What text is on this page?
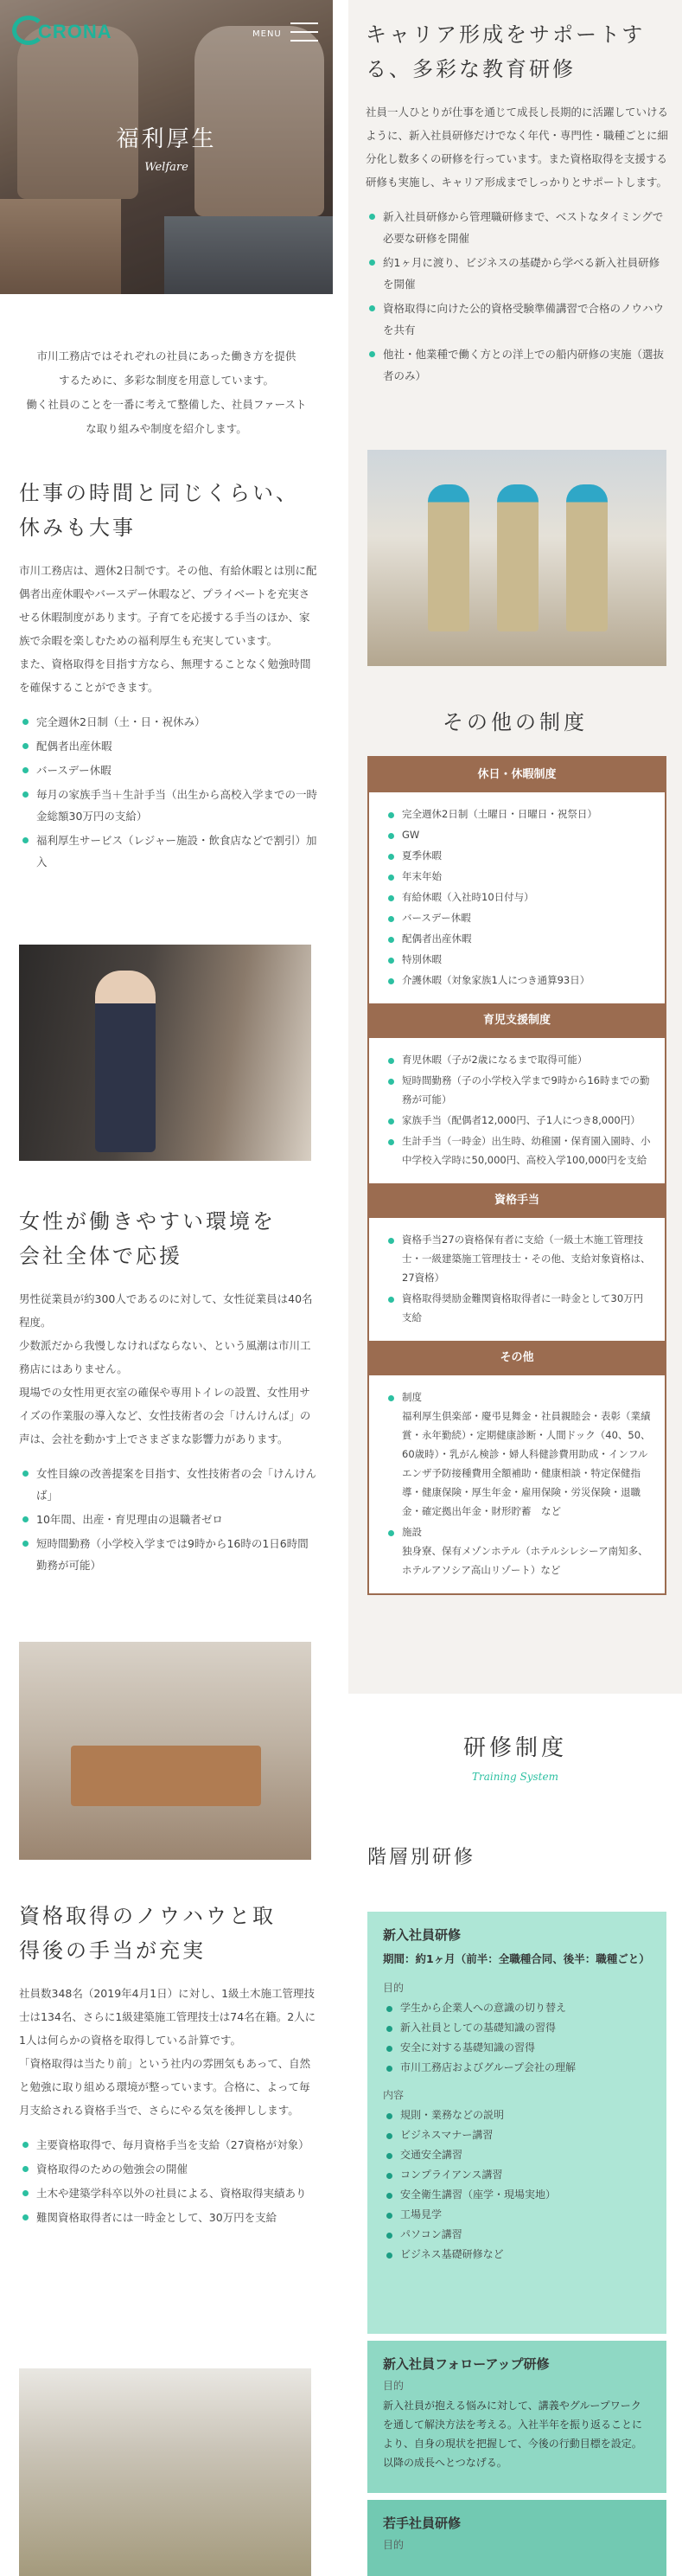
CRONA	MENU
福利厚生
Welfare
市川工務店ではそれぞれの社員にあった働き方を提供
するために、多彩な制度を用意しています。
働く社員のことを一番に考えて整備した、社員ファースト
な取り組みや制度を紹介します。
仕事の時間と同じくらい、
休みも大事

市川工務店は、週休2日制です。その他、有給休暇とは別に配偶者出産休暇やバースデー休暇など、プライベートを充実させる休暇制度があります。子育てを応援する手当のほか、家族で余暇を楽しむための福利厚生も充実しています。

また、資格取得を目指す方なら、無理することなく勉強時間を確保することができます。

完全週休2日制（土・日・祝休み）
配偶者出産休暇
バースデー休暇
毎月の家族手当＋生計手当（出生から高校入学までの一時金総額30万円の支給）
福利厚生サービス（レジャー施設・飲食店などで割引）加入
女性が働きやすい環境を
会社全体で応援

男性従業員が約300人であるのに対して、女性従業員は40名程度。

少数派だから我慢しなければならない、という風潮は市川工務店にはありません。

現場での女性用更衣室の確保や専用トイレの設置、女性用サイズの作業服の導入など、女性技術者の会「けんけんば」の声は、会社を動かす上でさまざまな影響力があります。

女性目線の改善提案を目指す、女性技術者の会「けんけんば」
10年間、出産・育児理由の退職者ゼロ
短時間勤務（小学校入学までは9時から16時の1日6時間勤務が可能）
資格取得のノウハウと取
得後の手当が充実

社員数348名（2019年4月1日）に対し、1級土木施工管理技士は134名、さらに1級建築施工管理技士は74名在籍。2人に1人は何らかの資格を取得している計算です。

「資格取得は当たり前」という社内の雰囲気もあって、自然と勉強に取り組める環境が整っています。合格に、よって毎月支給される資格手当で、さらにやる気を後押しします。

主要資格取得で、毎月資格手当を支給（27資格が対象）
資格取得のための勉強会の開催
土木や建築学科卒以外の社員による、資格取得実績あり
難関資格取得者には一時金として、30万円を支給
キャリア形成をサポートす
る、多彩な教育研修

社員一人ひとりが仕事を通じて成長し長期的に活躍していけるように、新入社員研修だけでなく年代・専門性・職種ごとに細分化し数多くの研修を行っています。また資格取得を支援する研修も実施し、キャリア形成までしっかりとサポートします。

新入社員研修から管理職研修まで、ベストなタイミングで必要な研修を開催
約1ヶ月に渡り、ビジネスの基礎から学べる新入社員研修を開催
資格取得に向けた公的資格受験準備講習で合格のノウハウを共有
他社・他業種で働く方との洋上での船内研修の実施（選抜者のみ）
その他の制度
休日・休暇制度
完全週休2日制（土曜日・日曜日・祝祭日）
GW
夏季休暇
年末年始
有給休暇（入社時10日付与）
バースデー休暇
配偶者出産休暇
特別休暇
介護休暇（対象家族1人につき通算93日）
育児支援制度
育児休暇（子が2歳になるまで取得可能）
短時間勤務（子の小学校入学まで9時から16時までの勤務が可能）
家族手当（配偶者12,000円、子1人につき8,000円）
生計手当（一時金）出生時、幼稚園・保育園入園時、小中学校入学時に50,000円、高校入学100,000円を支給
資格手当
資格手当27の資格保有者に支給（一級土木施工管理技士・一級建築施工管理技士・その他、支給対象資格は、27資格）
資格取得奨励金難関資格取得者に一時金として30万円支給
その他
制度
福利厚生倶楽部・慶弔見舞金・社員親睦会・表彰（業績賞・永年勤続）・定期健康診断・人間ドック（40、50、60歳時）・乳がん検診・婦人科健診費用助成・インフルエンザ予防接種費用全額補助・健康相談・特定保健指導・健康保険・厚生年金・雇用保険・労災保険・退職金・確定拠出年金・財形貯蓄　など
施設
独身寮、保有メゾンホテル（ホテルシレシーア南知多、ホテルアソシア高山リゾート）など
研修制度
Training System
階層別研修
新入社員研修
期間：約1ヶ月（前半：全職種合同、後半：職種ごと）
目的
学生から企業人への意識の切り替え
新入社員としての基礎知識の習得
安全に対する基礎知識の習得
市川工務店およびグループ会社の理解
内容
規則・業務などの説明
ビジネスマナー講習
交通安全講習
コンプライアンス講習
安全衛生講習（座学・現場実地）
工場見学
パソコン講習
ビジネス基礎研修など
新入社員フォローアップ研修
目的

新入社員が抱える悩みに対して、講義やグループワークを通して解決方法を考える。入社半年を振り返ることにより、自身の現状を把握して、今後の行動目標を設定。以降の成長へとつなげる。

若手社員研修
目的
